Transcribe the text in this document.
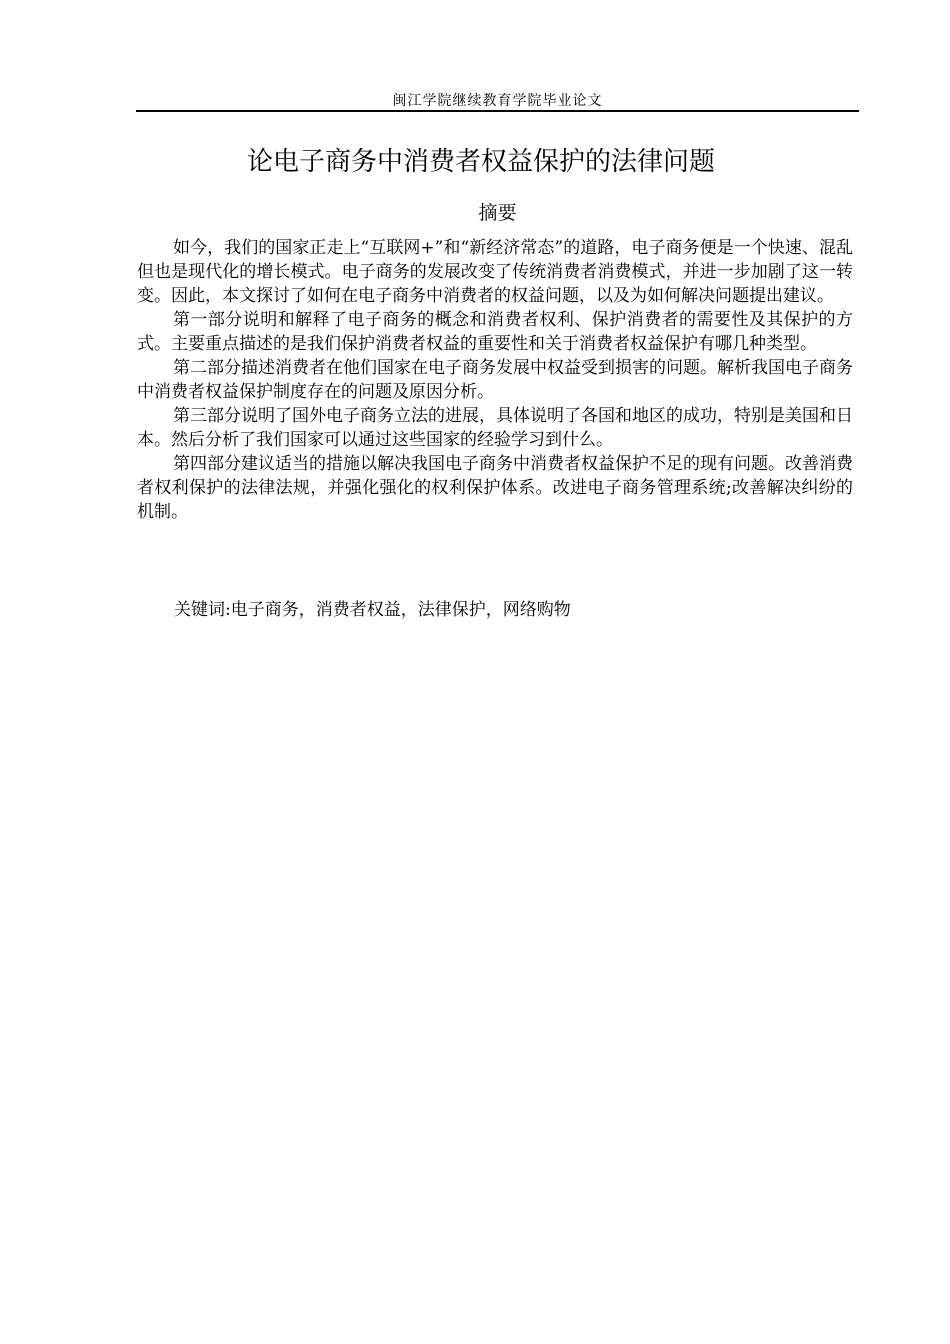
闽江学院继续教育学院毕业论文
论电子商务中消费者权益保护的法律问题
摘要

如今，我们的国家正走上“互联网+”和“新经济常态”的道路，电子商务便是一个快速、混乱但也是现代化的增长模式。电子商务的发展改变了传统消费者消费模式，并进一步加剧了这一转变。因此，本文探讨了如何在电子商务中消费者的权益问题，以及为如何解决问题提出建议。

第一部分说明和解释了电子商务的概念和消费者权利、保护消费者的需要性及其保护的方式。主要重点描述的是我们保护消费者权益的重要性和关于消费者权益保护有哪几种类型。

第二部分描述消费者在他们国家在电子商务发展中权益受到损害的问题。解析我国电子商务中消费者权益保护制度存在的问题及原因分析。

第三部分说明了国外电子商务立法的进展，具体说明了各国和地区的成功，特别是美国和日本。然后分析了我们国家可以通过这些国家的经验学习到什么。

第四部分建议适当的措施以解决我国电子商务中消费者权益保护不足的现有问题。改善消费者权利保护的法律法规，并强化强化的权利保护体系。改进电子商务管理系统;改善解决纠纷的机制。

关键词:电子商务，消费者权益，法律保护，网络购物
